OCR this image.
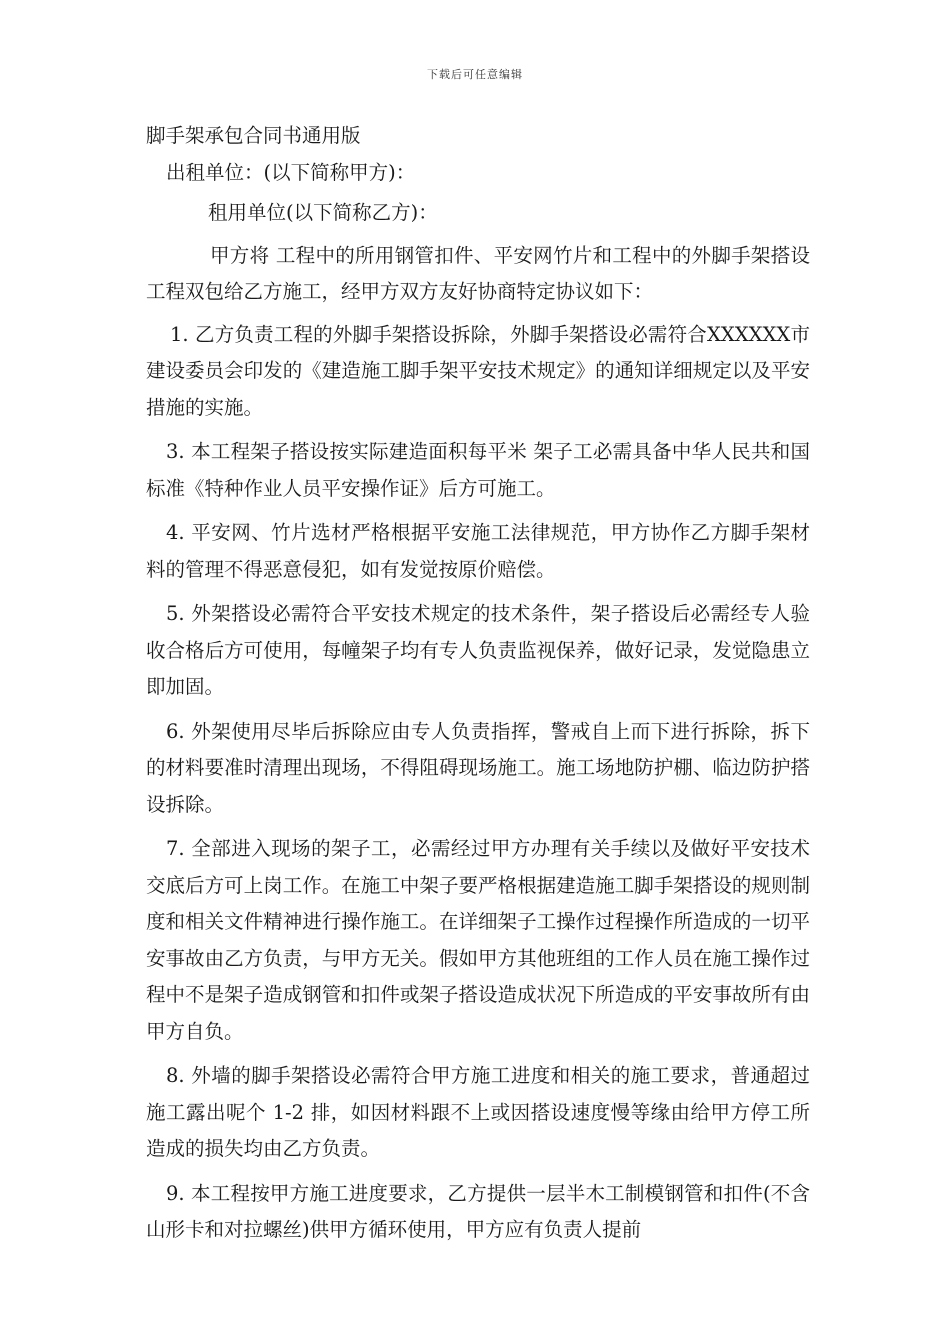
下载后可任意编辑

脚手架承包合同书通用版

出租单位：(以下简称甲方)：

租用单位(以下简称乙方)：

甲方将 工程中的所用钢管扣件、平安网竹片和工程中的外脚手架搭设工程双包给乙方施工，经甲方双方友好协商特定协议如下：

1. 乙方负责工程的外脚手架搭设拆除，外脚手架搭设必需符合XXXXXX市建设委员会印发的《建造施工脚手架平安技术规定》的通知详细规定以及平安措施的实施。

3. 本工程架子搭设按实际建造面积每平米 架子工必需具备中华人民共和国标准《特种作业人员平安操作证》后方可施工。

4. 平安网、竹片选材严格根据平安施工法律规范，甲方协作乙方脚手架材料的管理不得恶意侵犯，如有发觉按原价赔偿。

5. 外架搭设必需符合平安技术规定的技术条件，架子搭设后必需经专人验收合格后方可使用，每幢架子均有专人负责监视保养，做好记录，发觉隐患立即加固。

6. 外架使用尽毕后拆除应由专人负责指挥，警戒自上而下进行拆除，拆下的材料要准时清理出现场，不得阻碍现场施工。施工场地防护棚、临边防护搭设拆除。

7. 全部进入现场的架子工，必需经过甲方办理有关手续以及做好平安技术交底后方可上岗工作。在施工中架子要严格根据建造施工脚手架搭设的规则制度和相关文件精神进行操作施工。在详细架子工操作过程操作所造成的一切平安事故由乙方负责，与甲方无关。假如甲方其他班组的工作人员在施工操作过程中不是架子造成钢管和扣件或架子搭设造成状况下所造成的平安事故所有由甲方自负。

8. 外墙的脚手架搭设必需符合甲方施工进度和相关的施工要求，普通超过施工露出呢个 1-2 排，如因材料跟不上或因搭设速度慢等缘由给甲方停工所造成的损失均由乙方负责。

9. 本工程按甲方施工进度要求，乙方提供一层半木工制模钢管和扣件(不含山形卡和对拉螺丝)供甲方循环使用，甲方应有负责人提前
